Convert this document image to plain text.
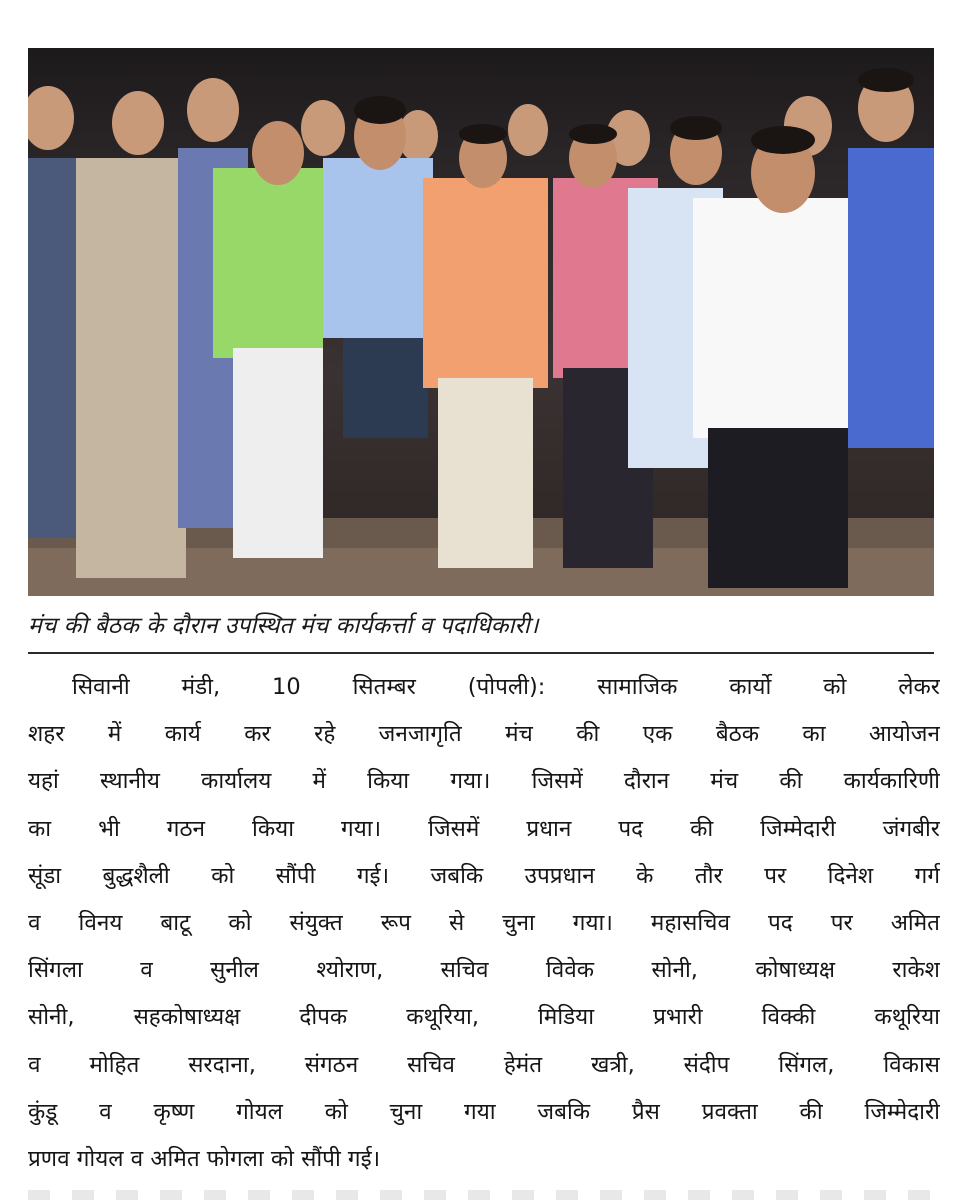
मंच की बैठक के दौरान उपस्थित मंच कार्यकर्त्ता व पदाधिकारी।
सिवानी मंडी, 10 सितम्बर (पोपली): सामाजिक कार्यो को लेकर
शहर में कार्य कर रहे जनजागृति मंच की एक बैठक का आयोजन
यहां स्थानीय कार्यालय में किया गया। जिसमें दौरान मंच की कार्यकारिणी
का भी गठन किया गया। जिसमें प्रधान पद की जिम्मेदारी जंगबीर
सूंडा बुद्धशैली को सौंपी गई। जबकि उपप्रधान के तौर पर दिनेश गर्ग
व विनय बाटू को संयुक्त रूप से चुना गया। महासचिव पद पर अमित
सिंगला व सुनील श्योराण, सचिव विवेक सोनी, कोषाध्यक्ष राकेश
सोनी, सहकोषाध्यक्ष दीपक कथूरिया, मिडिया प्रभारी विक्की कथूरिया
व मोहित सरदाना, संगठन सचिव हेमंत खत्री, संदीप सिंगल, विकास
कुंडू व कृष्ण गोयल को चुना गया जबकि प्रैस प्रवक्ता की जिम्मेदारी
प्रणव गोयल व अमित फोगला को सौंपी गई।
